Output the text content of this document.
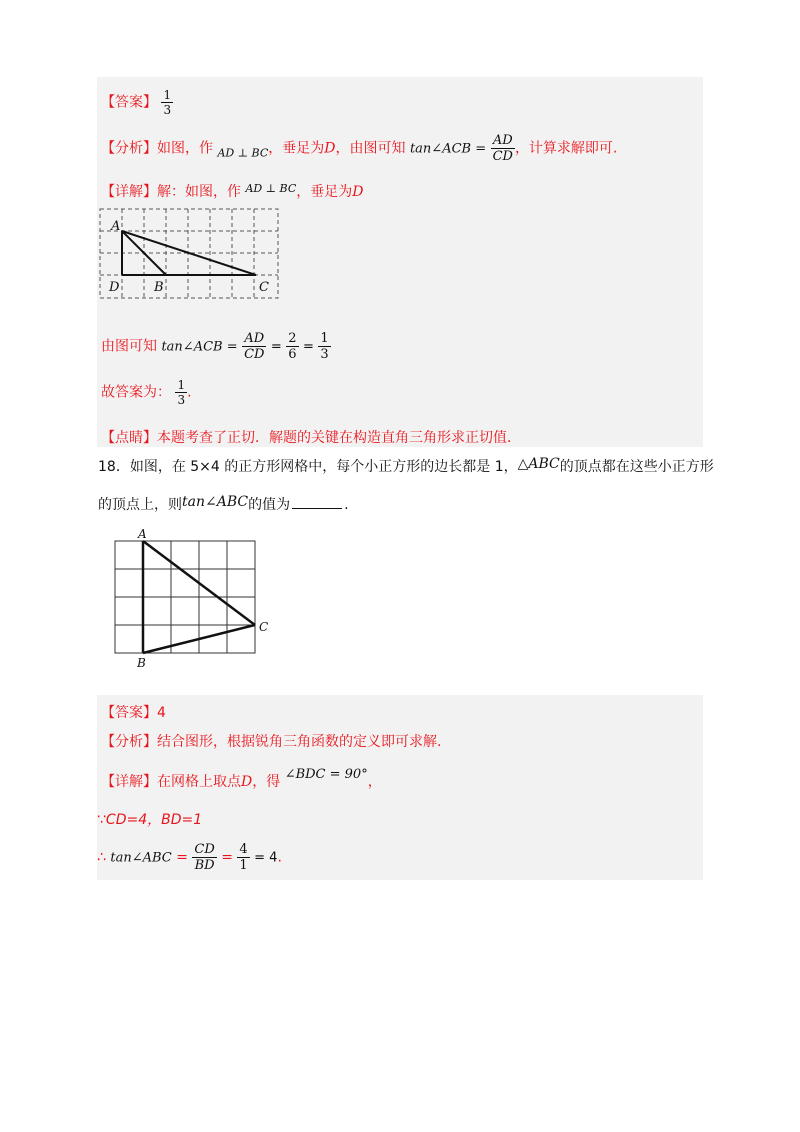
【答案】 $\frac{1}{3}$
【分析】如图，作 $_{AD \perp BC}$，垂足为D，由图可知 tan∠ACB = $\frac{AD}{CD}$ ，计算求解即可.
【详解】解：如图，作 $^{AD \perp BC}$，垂足为D
A
D	B	C
由图可知 tan∠ACB = $\frac{AD}{CD} = \frac{2}{6} = \frac{1}{3}$
故答案为： $\frac{1}{3}$ .
【点睛】本题考查了正切．解题的关键在构造直角三角形求正切值．
18．如图，在 5×4 的正方形网格中，每个小正方形的边长都是 1，△ABC的顶点都在这些小正方形
的顶点上，则tan∠ABC的值为	.
A
B
C
【答案】4
【分析】结合图形，根据锐角三角函数的定义即可求解.
【详解】在网格上取点D，得 ∠BDC = 90°，
∵CD=4，BD=1
∴ tan∠ABC = $\frac{CD}{BD} = \frac{4}{1} = 4$.
